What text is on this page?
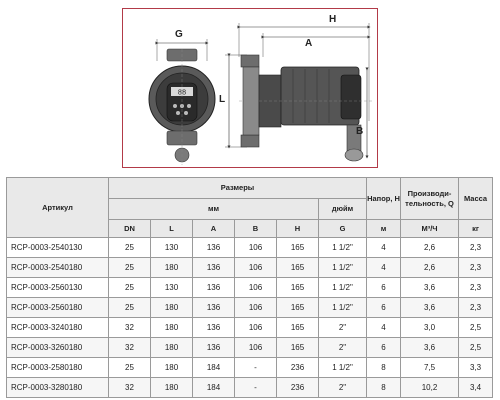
88
H
A
G
L
B
Артикул	Размеры						Напор, Н	Производи- тельность, Q	Масса
	мм					дюйм			
	DN	L	A	B	H	G	м	М³/Ч	кг
RCP-0003-2540130	25	130	136	106	165	1 1/2"	4	2,6	2,3
RCP-0003-2540180	25	180	136	106	165	1 1/2"	4	2,6	2,3
RCP-0003-2560130	25	130	136	106	165	1 1/2"	6	3,6	2,3
RCP-0003-2560180	25	180	136	106	165	1 1/2"	6	3,6	2,3
RCP-0003-3240180	32	180	136	106	165	2"	4	3,0	2,5
RCP-0003-3260180	32	180	136	106	165	2"	6	3,6	2,5
RCP-0003-2580180	25	180	184	-	236	1 1/2"	8	7,5	3,3
RCP-0003-3280180	32	180	184	-	236	2"	8	10,2	3,4
